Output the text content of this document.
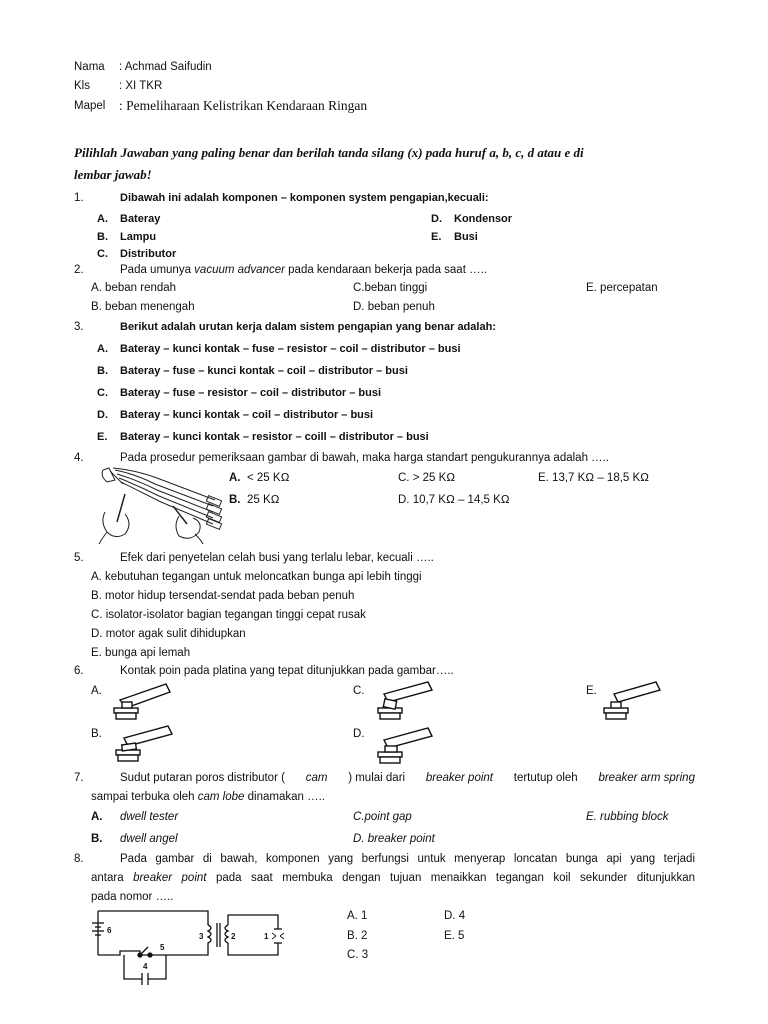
Nama : Achmad Saifudin
Kls	: XI TKR
Mapel : Pemeliharaan Kelistrikan Kendaraan Ringan
Pilihlah Jawaban yang paling benar dan berilah tanda silang (x) pada huruf a, b, c, d atau e di
lembar jawab!
1.	Dibawah ini adalah komponen – komponen system pengapian,kecuali:
A. Bateray
B. Lampu
C. Distributor
D. Kondensor
E. Busi
2.	Pada umunya vacuum advancer pada kendaraan bekerja pada saat …..
A. beban rendah
B. beban menengah
C.beban tinggi
D. beban penuh
E. percepatan
3.	Berikut adalah urutan kerja dalam sistem pengapian yang benar adalah:
A. Bateray – kunci kontak – fuse – resistor – coil – distributor – busi
B. Bateray – fuse – kunci kontak – coil – distributor – busi
C. Bateray – fuse – resistor – coil – distributor – busi
D. Bateray – kunci kontak – coil – distributor – busi
E. Bateray – kunci kontak – resistor – coill – distributor – busi
4.	Pada prosedur pemeriksaan gambar di bawah, maka harga standart pengukurannya adalah …..
A. < 25 KΩ
B. 25 KΩ
C. > 25 KΩ
D. 10,7 KΩ – 14,5 KΩ
E. 13,7 KΩ – 18,5 KΩ
5.	Efek dari penyetelan celah busi yang terlalu lebar, kecuali …..
A. kebutuhan tegangan untuk meloncatkan bunga api lebih tinggi
B. motor hidup tersendat-sendat pada beban penuh
C. isolator-isolator bagian tegangan tinggi cepat rusak
D. motor agak sulit dihidupkan
E. bunga api lemah
6.	Kontak poin pada platina yang tepat ditunjukkan pada gambar…..
A.
B.
C.
D.
E.
7.	Sudut putaran poros distributor ( cam ) mulai dari breaker point tertutup oleh breaker arm spring
sampai terbuka oleh cam lobe dinamakan …..
A. dwell tester
B. dwell angel
C.point gap
D. breaker point
E. rubbing block
8.	Pada gambar di bawah, komponen yang berfungsi untuk menyerap loncatan bunga api yang terjadi
antara breaker point pada saat membuka dengan tujuan menaikkan tegangan koil sekunder ditunjukkan
pada nomor …..
A. 1
B. 2
C. 3
D. 4
E. 5
6
3	2	1
5
4
